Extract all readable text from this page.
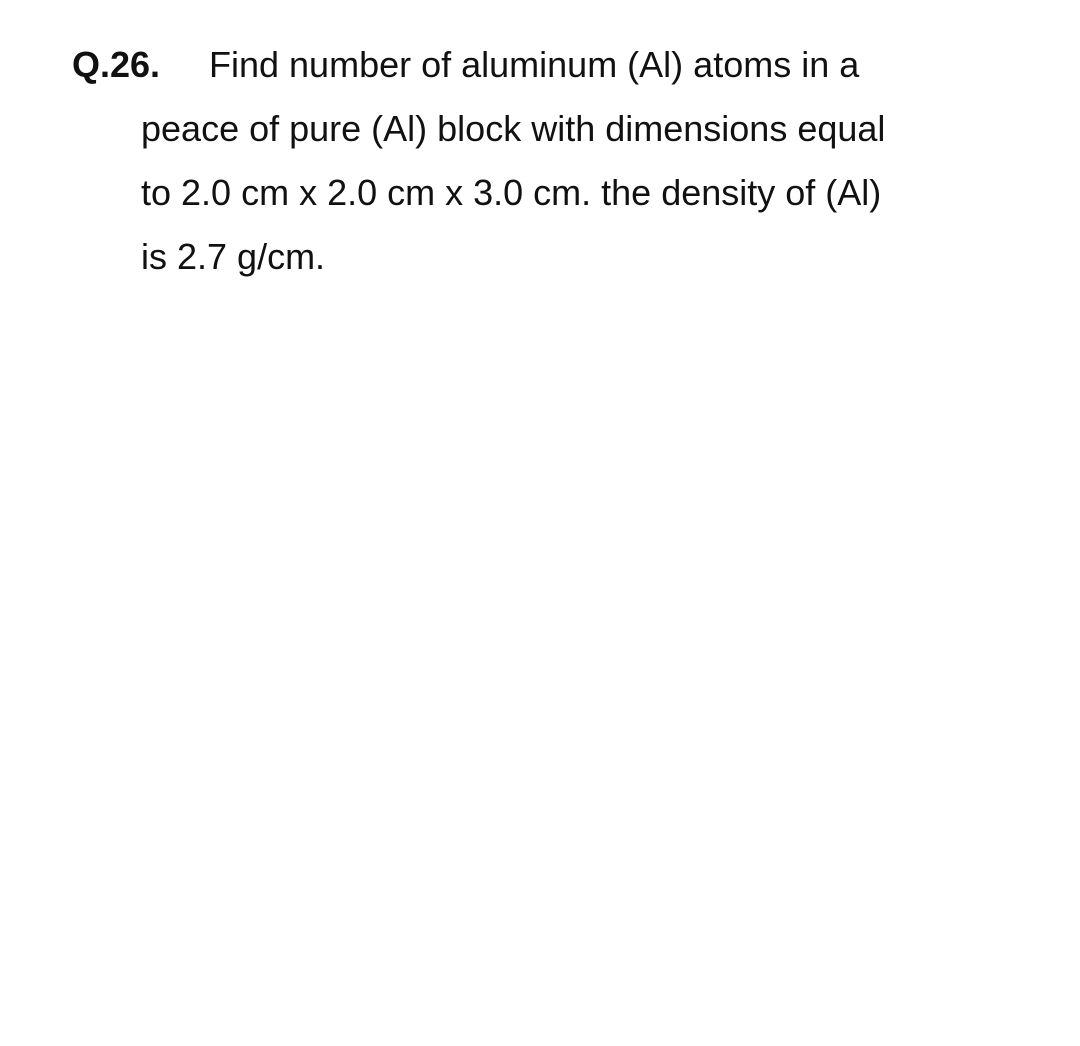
Q.26. Find number of aluminum (Al) atoms in a
peace of pure (Al) block with dimensions equal
to 2.0 cm x 2.0 cm x 3.0 cm. the density of (Al)
is 2.7 g/cm.
